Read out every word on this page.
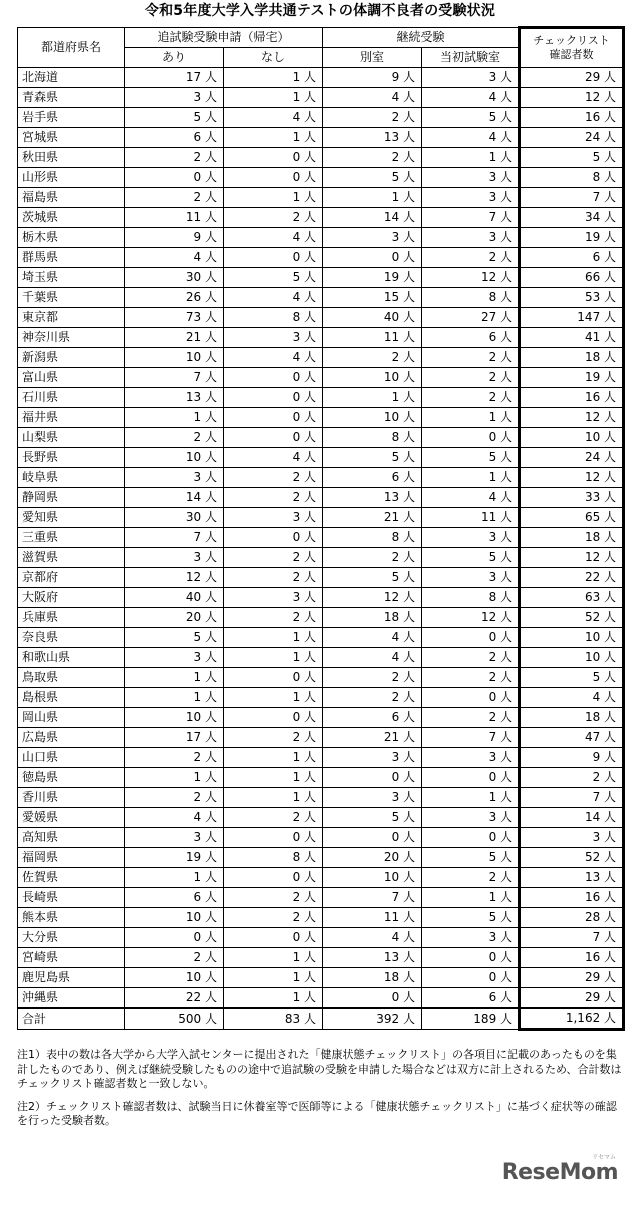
令和5年度大学入学共通テストの体調不良者の受験状況
都道府県名	追試験受験申請（帰宅）		継続受験		チェックリスト確認者数
	あり	なし	別室	当初試験室	
北海道	17 人	1 人	9 人	3 人	29 人
青森県	3 人	1 人	4 人	4 人	12 人
岩手県	5 人	4 人	2 人	5 人	16 人
宮城県	6 人	1 人	13 人	4 人	24 人
秋田県	2 人	0 人	2 人	1 人	5 人
山形県	0 人	0 人	5 人	3 人	8 人
福島県	2 人	1 人	1 人	3 人	7 人
茨城県	11 人	2 人	14 人	7 人	34 人
栃木県	9 人	4 人	3 人	3 人	19 人
群馬県	4 人	0 人	0 人	2 人	6 人
埼玉県	30 人	5 人	19 人	12 人	66 人
千葉県	26 人	4 人	15 人	8 人	53 人
東京都	73 人	8 人	40 人	27 人	147 人
神奈川県	21 人	3 人	11 人	6 人	41 人
新潟県	10 人	4 人	2 人	2 人	18 人
富山県	7 人	0 人	10 人	2 人	19 人
石川県	13 人	0 人	1 人	2 人	16 人
福井県	1 人	0 人	10 人	1 人	12 人
山梨県	2 人	0 人	8 人	0 人	10 人
長野県	10 人	4 人	5 人	5 人	24 人
岐阜県	3 人	2 人	6 人	1 人	12 人
静岡県	14 人	2 人	13 人	4 人	33 人
愛知県	30 人	3 人	21 人	11 人	65 人
三重県	7 人	0 人	8 人	3 人	18 人
滋賀県	3 人	2 人	2 人	5 人	12 人
京都府	12 人	2 人	5 人	3 人	22 人
大阪府	40 人	3 人	12 人	8 人	63 人
兵庫県	20 人	2 人	18 人	12 人	52 人
奈良県	5 人	1 人	4 人	0 人	10 人
和歌山県	3 人	1 人	4 人	2 人	10 人
鳥取県	1 人	0 人	2 人	2 人	5 人
島根県	1 人	1 人	2 人	0 人	4 人
岡山県	10 人	0 人	6 人	2 人	18 人
広島県	17 人	2 人	21 人	7 人	47 人
山口県	2 人	1 人	3 人	3 人	9 人
徳島県	1 人	1 人	0 人	0 人	2 人
香川県	2 人	1 人	3 人	1 人	7 人
愛媛県	4 人	2 人	5 人	3 人	14 人
高知県	3 人	0 人	0 人	0 人	3 人
福岡県	19 人	8 人	20 人	5 人	52 人
佐賀県	1 人	0 人	10 人	2 人	13 人
長崎県	6 人	2 人	7 人	1 人	16 人
熊本県	10 人	2 人	11 人	5 人	28 人
大分県	0 人	0 人	4 人	3 人	7 人
宮崎県	2 人	1 人	13 人	0 人	16 人
鹿児島県	10 人	1 人	18 人	0 人	29 人
沖縄県	22 人	1 人	0 人	6 人	29 人
合計	500 人	83 人	392 人	189 人	1,162 人

注1）表中の数は各大学から大学入試センターに提出された「健康状態チェックリスト」の各項目に記載のあったものを集計したものであり、例えば継続受験したものの途中で追試験の受験を申請した場合などは双方に計上されるため、合計数はチェックリスト確認者数と一致しない。

注2）チェックリスト確認者数は、試験当日に休養室等で医師等による「健康状態チェックリスト」に基づく症状等の確認を行った受験者数。

ReseMom
リセマム
